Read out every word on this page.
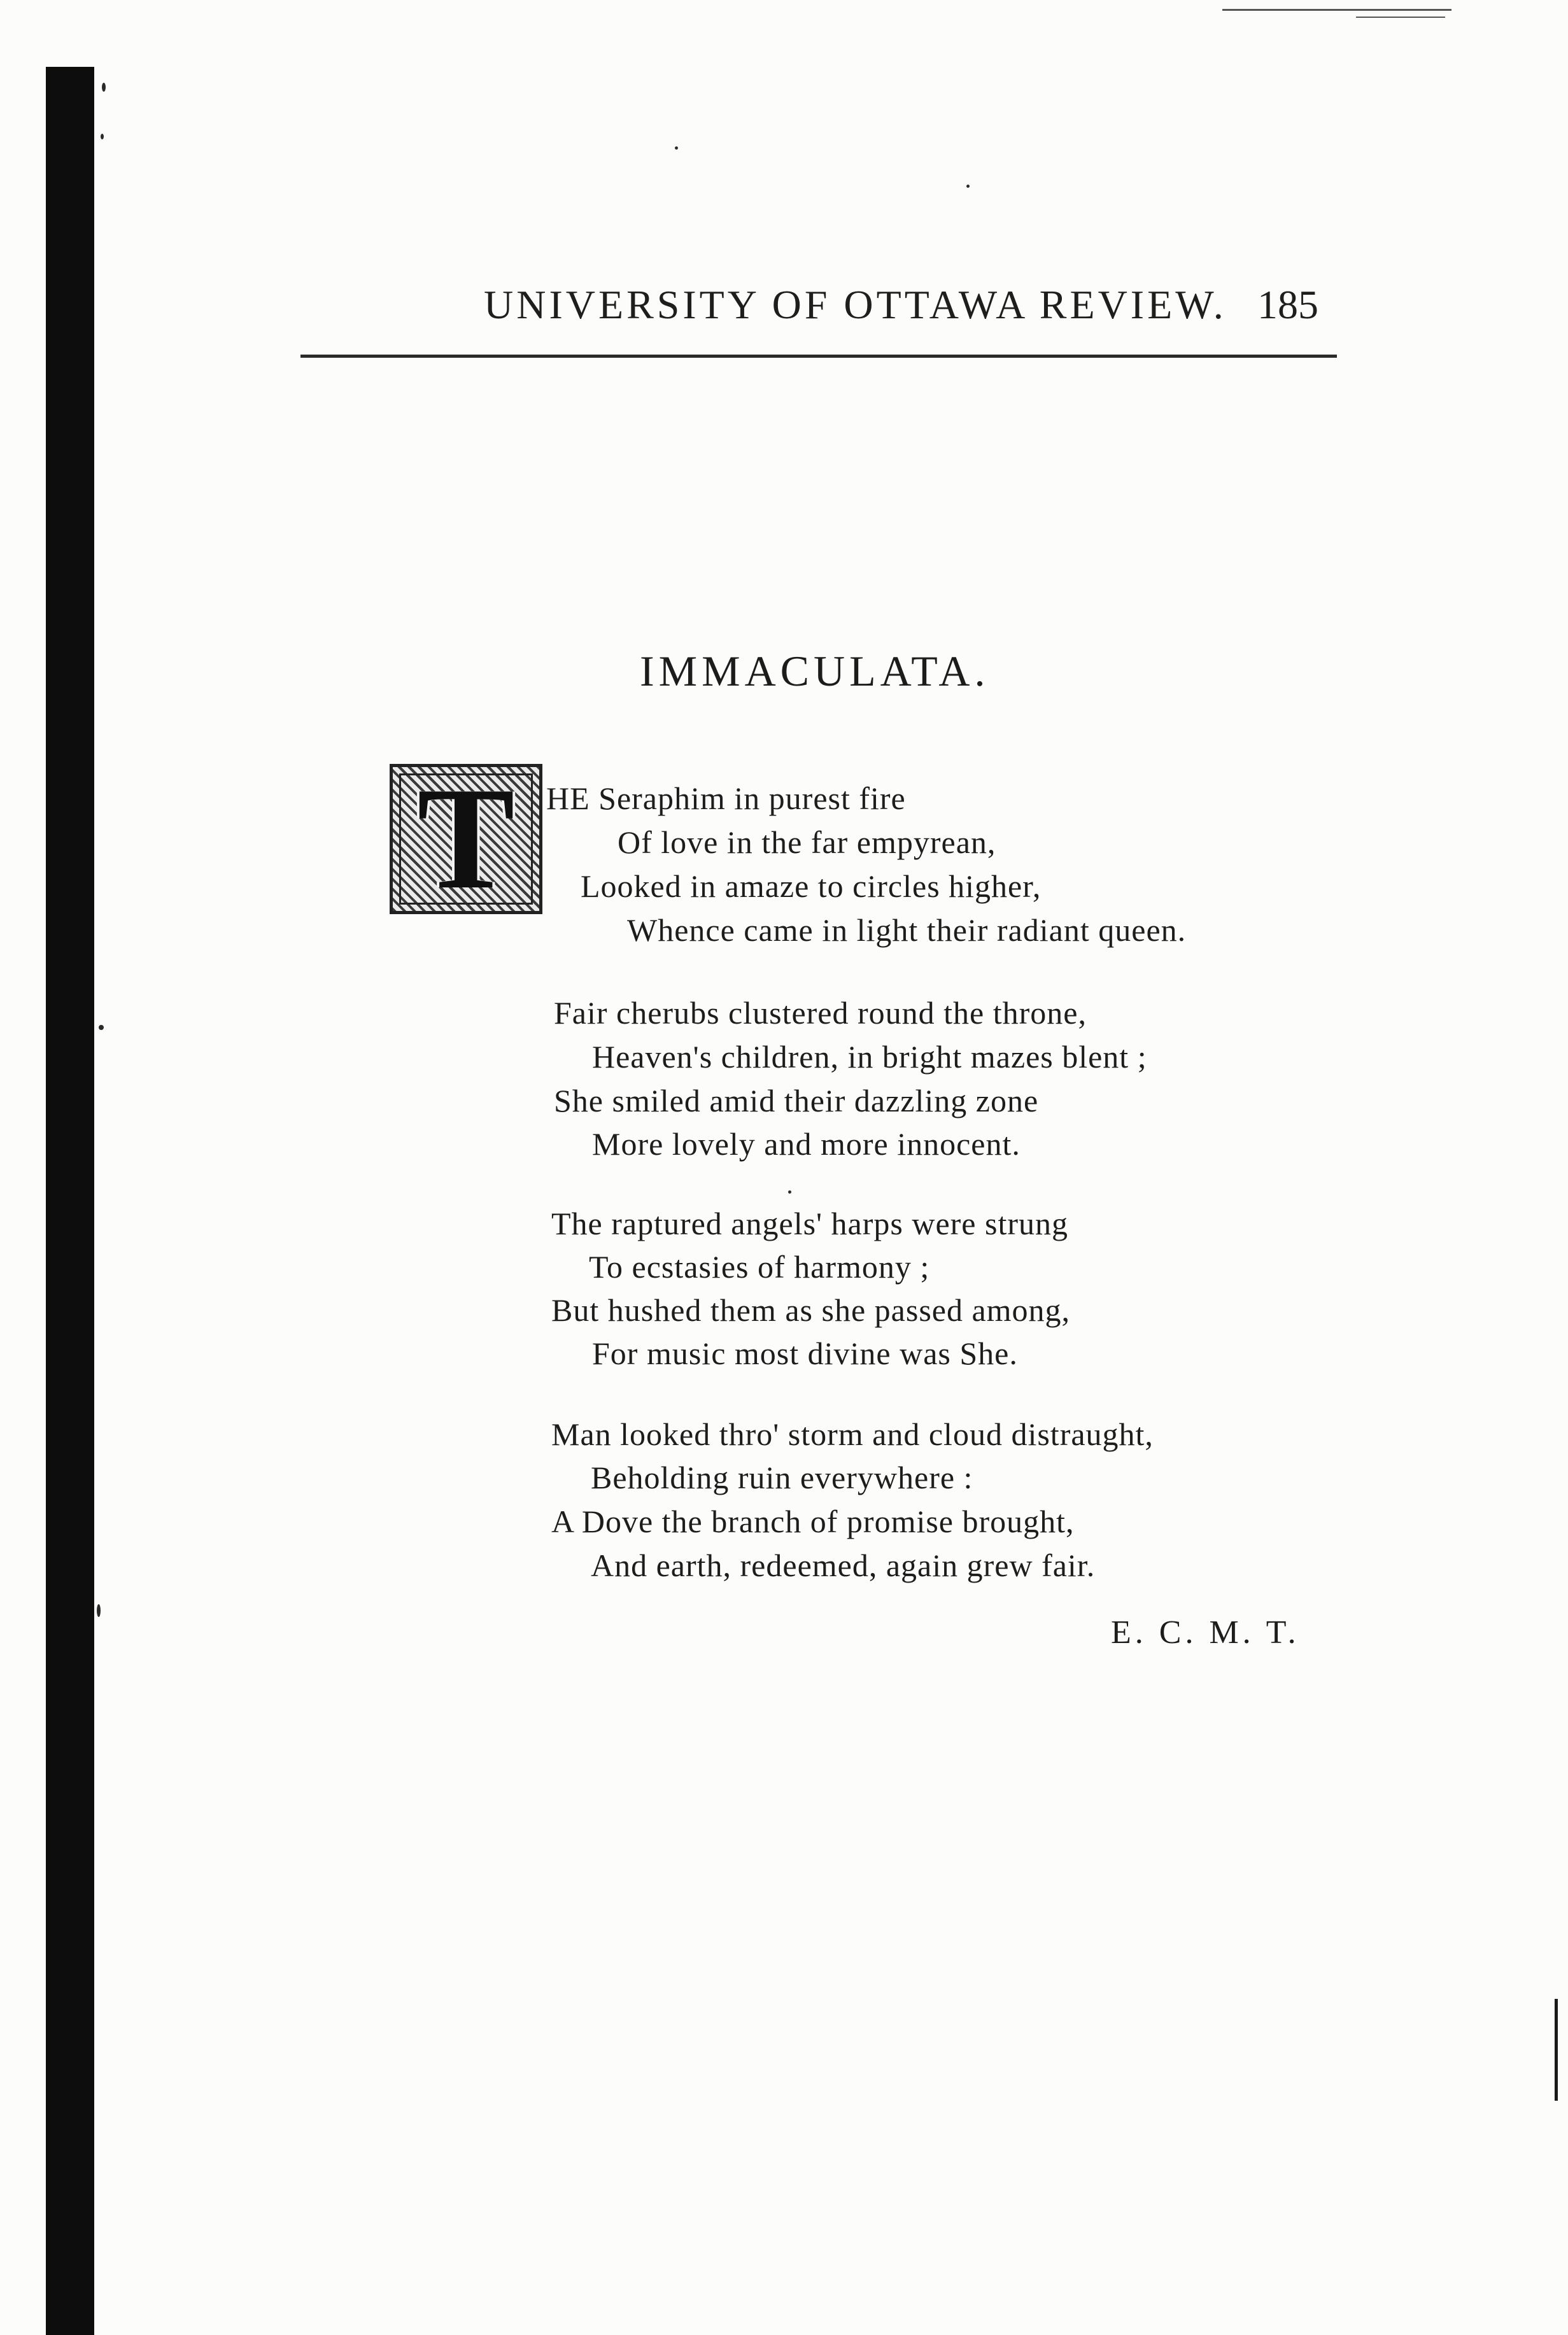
UNIVERSITY OF OTTAWA REVIEW. 185
IMMACULATA.
T HE Seraphim in purest fire
Of love in the far empyrean,
Looked in amaze to circles higher,
Whence came in light their radiant queen.
Fair cherubs clustered round the throne,
Heaven's children, in bright mazes blent ;
She smiled amid their dazzling zone
More lovely and more innocent.
The raptured angels' harps were strung
To ecstasies of harmony ;
But hushed them as she passed among,
For music most divine was She.
Man looked thro' storm and cloud distraught,
Beholding ruin everywhere :
A Dove the branch of promise brought,
And earth, redeemed, again grew fair.
E. C. M. T.
